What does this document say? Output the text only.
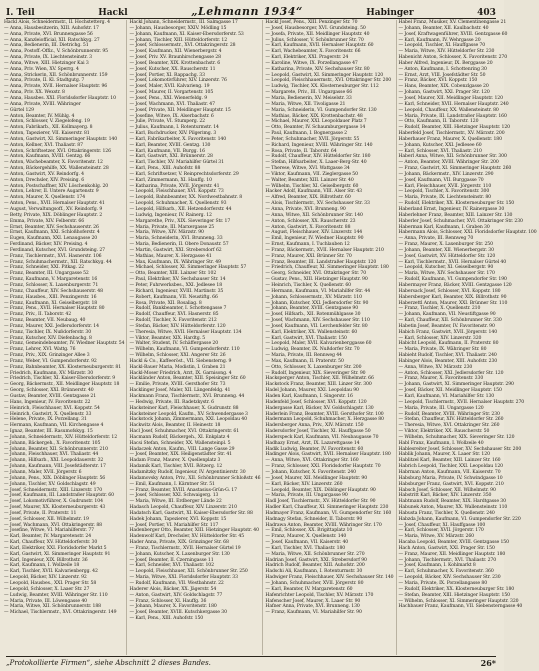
I. Teil	Hackl	„Lehmann 1934“	Habinger	403
Hackl Alois, Schneidermstr., II. Hochstetterg. 4
— Anna, Hausbesitzerin, XIII. Auhofstr. 17
— Anna, Private, XVI. Brunnengasse 56
— Anna, Kanzleiofficial, XII. Ratschkyg. 27
— Anna, Bedienerin, III. Dietrichg. 51
— Anna, Postoff.-Offiz., V. Schönbrunnerstr. 95
— Anna, Private, IX. Liechtensteinstr. 3
— Anna, Witwe, XIII. Hietzinger Kai 3
— Anna, Priv. Wien, XV. Sperrg. 4
— Anna, Strickerin, XII. Schönbrunnerstr. 159
— Anna, Private, II. Kl. Stadtgutg. 7
— Anna, Private, XVII. Hernalser Hauptstr. 96
— Anna, Priv. XX. Wexstr. 8
— Anna, Hausbes. XXI. Floridsdorfer Hauptstr. 10
— Anna, Private, XVIII. Währinger
— Gürtel 129
— Anton, Beamter, IV. Mühlg. 4
— Anton, Schlosser, V. Ziegelofeng. 19
— Anton, Fabrikarb., XII. Kollmayerg. 8
— Anton, Tapezierer, VII. Kaiserstr. 81
— Anton, Gastwirt, XI. Simmeringer Hauptstr. 140
— Anton, Kellner, XVI. Thaliastr. 87
— Anton, Schriftsetzer, XVI. Ottakringerstr. 126
— Anton, Kaufmann, XVIII. Gentzg. 66
— Anton, Wachebeamter, X. Favoritenstr. 12
— Anton, Bäckergehilfe, XX. Wallensteinstr. 28
— Anton, Gastwirt, XV. Reindorfg. 4
— Anton, Drechsler, XIV. Preising. 6
— Anton, Postschaffner, XIV. Löschenkohlg. 20
— Anton, Lehrer, II. Untere Augartenstr. 9
— Anton, Maurer, X. Quellenstr. 174
— Anton, Pens., XVII. Hernalser Hauptstr. 41
— August, Verwaltungsoff., XV. Reindorfg. 9
— Betty, Private, XIX. Döblinger Hauptstr. 2
— Emma, Private, XIV. Felberstr. 66
— Ernst, Beamter, XIV. Sechshauserstr. 26
— Ernst, Kaufmann, XXI. Schloßhoferstr. 4
— Eugen, Kaufmann, XXI. Lenaugasse 20
— Ferdinand, Bäcker, XIV. Preising. 4
— Ferdinand, Kutscher, XVI. Grundsteing. 27
— Franz, Tischlermstr., XVI. Hasnerstr. 106
— Franz, Schuhmachermstr., XII. Ratschkyg. 44
— Franz, Schneider, XXI. Pitkag. 22
— Franz, Beamter, III. Ungargasse 52
— Franz, Kaufmann, V. Margaretenstr. 16
— Franz, Schlosser, X. Laxenburgerstr. 71
— Franz, Chauffeur, XIV. Sechshauserstr. 48
— Franz, Hausbes., XIII. Penzingerstr. 16
— Franz, Kaufmann, XI. Geiselbergstr. 18
— Franz, Pens., XVII. Hernalser Hauptstr. 80
— Franz, Priv., II. Taborstr. 42
— Franz, Beamter, VII. Neubaug. 40
— Franz, Maurer, XXI. Jedlersdorferstr. 14
— Franz, Tischler, IX. Nußdorferstr. 30
— Franz, Kutscher, XIV. Diefenbachg. 8
— Franz, Gemeindebeamter, IV. Wiedner Hauptstr. 54
— Franz, Lehrer, XVI. Wattg. 76
— Franz, Priv., XIX. Grinzinger Allee 3
— Franz, Weber, VI. Gumpendorferstr. 92
— Franz, Bahnbeamter, XX. Klosterneuburgerstr. 81
— Friedrich, Kaufmann, XV. Märzstr. 30
— Friedrich, Tischler, XI. Kaiser-Ebersdorferstr. 9
— Georg, Bäckermstr., XII. Meidlinger Hauptstr. 18
— Georg, Schlosser, XXI. Brünnerstr. 40
— Gustav, Beamter, XVIII. Gentzgasse 21
— Hans, Ingenieur, IV. Favoritenstr. 22
— Heinrich, Fleischhauer, XVI. Koppstr. 54
— Heinrich, Gastwirt, X. Quellenstr. 33
— Helene, Private, IX. Porzellang. 31
— Hermann, Kaufmann, VII. Kirchengasse 4
— Ignaz, Beamter, III. Rasumofskyg. 15
— Johann, Schneidermstr., XIV. Hütteldorferstr. 12
— Johann, Bäckergeh., X. Favoritenstr. 105
— Johann, Beamter, XII. Schönbrunnerstr. 210
— Johann, Fleischhauer, XVI. Thaliastr. 44
— Johann, Hilfsarb., XXI. Leopoldauerstr. 32
— Johann, Kaufmann, VIII. Josefstädterstr. 17
— Johann, Maler, XVII. Jörgerstr. 6
— Johann, Pens., XIX. Döblinger Hauptstr. 56
— Johann, Tischler, XV. Goldschlagstr. 49
— Josef, Schneidermstr., XIII. Linzerstr. 170
— Josef, Kaufmann, III. Landstraßer Hauptstr. 60
— Josef, Lokomotivführer, X. Gudrunstr. 104
— Josef, Maurer, XX. Klosterneuburgerstr. 43
— Josef, Private, II. Praterstr. 11
— Josef, Schlosser, XII. Wilhelmstr. 19
— Josef, Wachmann, XVI. Ottakringerstr. 88
— Josefine, Witwe, VI. Mariahilferstr. 77
— Karl, Beamter, IV. Margaretenstr. 24
— Karl, Chauffeur, XV. Hütteldorferstr. 30
— Karl, Elektriker, XXI. Floridsdorfer Markt 5
— Karl, Gastwirt, XI. Simmeringer Hauptstr. 91
— Karl, Ingenieur, XIX. Billrothstr. 36
— Karl, Kaufmann, I. Wollzeile 18
— Karl, Tischler, XVII. Kalvarienbergg. 42
— Leopold, Bäcker, XIV. Linzerstr. 92
— Leopold, Hausbes., XXI. Prager Str. 58
— Leopold, Schlosser, X. Laaer Str. 27
— Ludwig, Beamter, XVIII. Währinger Str. 110
— Maria, Private, III. Löwengasse 40
— Maria, Witwe, XII. Schönbrunnerstr. 188
— Michael, Tischlermstr., XVI. Ottakringerstr. 149
Hackl Johann, Schneidermstr., III. Salmgasse 17
— Johann, Hausbesorger, XXIV. Mödling 15
— Johann, Kaufmann, XI. Kaiser-Ebersdorferstr. 53
— Johann, Tischler, XIII. Hütteldorferstr. 12
— Josef, Schlossermstr., XVI. Ottakringerstr. 28
— Josef, Kaufmann, XII. Wienerbergstr. 4
— Josef, Priv. XV. Braunhirschengasse 28
— Josef, Beamter, XIX. Krottenbachstr. 6
— Josef, Kutscher, XX. Rauscherstr. 11
— Josef, Portier, XI. Rappachg. 33
— Josef, Lokomotivführer, XIV. Linzerstr. 76
— Josef, Maler, XVII. Kalvarieng. 19
— Josef, Maurer, II. Vorgartenstr. 105
— Josef, Pens., XXI. Wienerfeldg. 9
— Josef, Wachmann, XVI. Thaliastr. 47
— Josef, Private, XII. Meidlinger Hauptstr. 15
— Josefine, Witwe, IX. Alserbachstr. 6
— Julie, Private, VI. Stumperg. 22
— Julius, Kaufmann, I. Rotenturmstr. 14
— Karl, Buchdrucker, XIV. Pilgerimg. 3
— Karl, Fabrikarbeiter, X. Favoritenstr. 140
— Karl, Beamter, XVIII. Gentzg. 130
— Karl, Kaufmann, VII. Burgg. 16
— Karl, Gastwirt, XXI. Brünnerstr. 28
— Karl, Tischler, XV. Mariahilfer Gürtel 31
— Karl, Pens., XIII. Auhofstr. 88
— Karl, Schriftsetzer, V. Reinprechtsdorferstr. 29
— Karl, Zimmermann, XI. Hauffg. 10
— Katharina, Private, XVII. Jörgerstr. 41
— Leopold, Fleischhauer, XVI. Koppstr. 73
— Leopold, Bahnbeamter, XX. Nordwestbahnstr. 8
— Leopold, Schuhmacher, X. Quellenstr. 93
— Leopold, Hilfsarb., XII. Hetzendorferstr. 44
— Ludwig, Ingenieur, IV. Rainerg. 12
— Margarethe, Priv., XIX. Sieveringer Str. 17
— Maria, Private, III. Marxergasse 25
— Maria, Witwe, XIV. Märzstr. 90
— Maria, Schneiderin, XVI. Brunneng. 33
— Maria, Bedienerin, II. Obere Donaustr. 57
— Martin, Gastwirt, XXI. Strebersdorf 62
— Mathias, Maurer, X. Herzgasse 41
— Max, Kaufmann, IX. Währinger Str. 49
— Michael, Schlosser, XI. Simmeringer Hauptstr. 57
— Otto, Beamter, XIII. Lainzer Str. 102
— Paul, Elektriker, XV. Sechshauser Str. 14
— Peter, Fuhrwerksbes., XXI. Jedlesee 18
— Richard, Ingenieur, XVIII. Martinstr. 35
— Robert, Kaufmann, VII. Neustiftg. 66
— Rosa, Private, XII. Rosaliag. 8
— Rudolf, Bankbeamter, I. Schottengasse 7
— Rudolf, Chauffeur, XVI. Hasnerstr. 85
— Rudolf, Tischler, X. Favoritenstr. 212
— Stefan, Bäcker, XIV. Hütteldorferstr. 120
— Theresia, Witwe, XVII. Hernalser Hauptstr. 134
— Viktor, Beamter, XIX. Hardtg. 5
— Walter, Student, IV. Schäffergasse 20
— Wilhelm, Kaufmann, VI. Gumpendorferstr. 110
— Wilhelm, Schlosser, XXI. Angerer Str. 26
Hackl & Co., Kaffeeröst., VII. Siebensterng. 9
Hackl-Bauer Maria, Modistin, I. Graben 21
Hackl-Moser Friedrich, Arzt, IX. Garnisong. 4
Hackländer Anton, Beamter, XIII. Speisinger Str. 60
— Emilie, Private, XVIII. Gersthofer Str. 73
Hacklinger Josef, Maler, XII. Längenfeldg. 41
Hackmann Franz, Tischlermstr., XVI. Brunneng. 44
— Hedwig, Private, III. Radetzkystr. 6
Hacksteiner Karl, Fleischhauer, X. Gudrunstr. 88
Hacksteiner Leopold, Kaufm., XV. Schwendergasse 3
Hackstock Johann, Zimmermann, XXI. Leopoldau 40
Hackwitz Alois, Beamter, II. Heinestr. 18
Hacl Josef, Schuhmacher, XVI. Ottakringerstr. 61
Hacmann Rudolf, Bäckergeh., XI. Enkplatz 4
Hacsi Stefan, Schneider, XX. Wallensteinpl. 5
Hadaczek Anton, Kaufm., VIII. Lange Gasse 29
— Josef, Beamter, XIX. Heiligenstädter Str. 41
Hadam Franz, Maurer, X. Quellenplatz 3
Hadamik Karl, Tischler, XVII. Rötzerg. 12
Hadamitzky Rudolf, Ingenieur, IV. Argentinierstr. 30
Hadamovsky Anton, Priv., XII. Schönbrunner Schloßstr. 46
— Emil, Kaufmann, I. Kärntner Str. 51
— Franz, Beamter, XVIII. Anastasius-Grün-G. 17
— Josef, Schlosser, XXI. Schwaigerg. 13
— Maria, Witwe, III. Erdberger Lände 22
Hadasch Leopold, Chauffeur, XIV. Linzerstr. 210
Hadatsch Karl, Gastwirt, XI. Kaiser-Ebersdorfer Str. 88
Hadek Johann, Tapezierer, XVI. Koppstr. 15
— Josef, Portier, VI. Mariahilfer Str. 117
Hadenberger Otto, Beamter, XIII. Hietzinger Hauptstr. 40
Hadenwolf Karl, Drechsler, XV. Hütteldorfer Str. 45
Hader Anna, Private, XIX. Grinzinger Str. 68
— Franz, Tischlermstr., XVII. Hernalser Gürtel 19
— Johann, Kutscher, X. Laxenburger Str. 130
— Josef, Beamter, II. Czerningasse 11
— Karl, Schneider, XVI. Thaliastr. 102
— Leopold, Fleischhauer, XII. Schönbrunner Str. 250
— Maria, Witwe, XXI. Floridsdorfer Hauptstr. 33
— Rudolf, Kaufmann, VII. Westbahnstr. 22
Haderer Alois, Bäcker, XX. Jägerstr. 54
— Anton, Gastwirt, XIV. Goldschlagstr. 77
— Franz, Schlosser, XI. Hauffg. 36
— Johann, Maurer, X. Favoritenstr. 180
— Josef, Beamter, XVIII. Kutschkergasse 30
— Karl, Pens., XIII. Auhofstr. 150
Hackl Josef, Pens., XIII. Penzinger Str. 70
— Josef, Hausbesorger, XVI. Grundsteing. 50
— Josefa, Private, XII. Meidlinger Hauptstr. 40
— Julius, Schlosser, V. Schönbrunner Str. 70
— Karl, Kaufmann, XVII. Hernalser Hauptstr. 60
— Karl, Wachebeamter, X. Favoritenstr. 66
— Karl, Elektriker, XXI. Pragerstr. 24
— Karoline, Witwe, IX. Porzellangasse 47
— Katharina, Private, XIV. Sechshauser Str. 80
— Leopold, Gastwirt, XI. Simmeringer Hauptstr. 120
— Leopold, Fleischhauermstr., XVI. Ottakringer Str. 200
— Ludwig, Tischler, XX. Klosterneuburger Str. 112
— Margarete, Priv., III. Ungargasse 66
— Maria, Bedienerin, XV. Meiselstr. 33
— Maria, Witwe, XII. Tivoligasse 21
— Maria, Schneiderin, VI. Gumpendorfer Str. 130
— Mathias, Bäcker, XIX. Krottenbachstr. 48
— Michael, Maurer, XXI. Leopoldauer Platz 7
— Otto, Beamter, IV. Schaumburgergasse 14
— Paul, Kaufmann, I. Bognergasse 2
— Peter, Schuhmacher, XVII. Jörgerstr. 55
— Richard, Ingenieur, XVIII. Währinger Str. 140
— Rosa, Private, II. Taborstr. 64
— Rudolf, Chauffeur, XIV. Hütteldorfer Str. 180
— Stefan, Hilfsarbeiter, X. Laaer-Berg-Str. 40
— Therese, Witwe, XVI. Wattgasse 34
— Viktor, Kaufmann, VII. Zieglergasse 50
— Walter, Beamter, XIII. Lainzer Str. 40
— Wilhelm, Tischler, XI. Geiselbergstr. 60
Hacker Adolf, Kaufmann, VIII. Alser Str. 43
— Alfred, Beamter, XIX. Billrothstr. 60
— Alois, Tischlermstr., XV. Sechshauser Str. 33
— Anna, Private, XVI. Brunneng. 90
— Anna, Witwe, XII. Schönbrunner Str. 140
— Anton, Schlosser, XX. Rauscherstr. 23
— Anton, Gastwirt, X. Favoritenstr. 88
— August, Fleischhauer, XIV. Linzerstr. 144
— Emil, Ingenieur, IV. Wiedner Hauptstr. 90
— Ernst, Kaufmann, I. Tuchlauben 12
— Franz, Bäckermstr., XVII. Hernalser Hauptstr. 210
— Franz, Maurer, XXI. Brünner Str. 70
— Franz, Beamter, III. Landstraßer Hauptstr. 120
— Friedrich, Chauffeur, XI. Simmeringer Hauptstr. 180
— Georg, Schneider, XVI. Ottakringer Str. 70
— Gustav, Pens., XIII. Hietzinger Hauptstr. 90
— Heinrich, Tischler, X. Quellenstr. 60
— Hermann, Kaufmann, VI. Mariahilfer Str. 44
— Johann, Schlossermstr., XV. Märzstr. 110
— Johann, Kutscher, XXI. Jedlersdorfer Str. 90
— Johann, Beamter, XVIII. Gentzgasse 90
— Josef, Hilfsarb., XII. Rotenmühlgasse 30
— Josef, Wachmann, XIV. Sechshauser Str. 110
— Josef, Kaufmann, VII. Lerchenfelder Str. 80
— Karl, Elektriker, XX. Wallensteinstr. 60
— Karl, Gastwirt, XVI. Thaliastr. 150
— Leopold, Maler, XVII. Kalvarienberggasse 60
— Ludwig, Beamter, IX. Nußdorfer Str. 70
— Maria, Private, III. Rennweg 44
— Max, Kaufmann, II. Praterstr. 50
— Otto, Schlosser, X. Laxenburger Str. 200
— Rudolf, Ingenieur, XIX. Sieveringer Str. 90
Hacksperger Anton, Tischler, XII. Wilhelmstr. 66
Hackstock Franz, Beamter, XIII. Linzer Str. 300
Hadel Johann, Maurer, XXI. Leopoldau 90
Haden Karl, Kaufmann, I. Singerstr. 16
Hadenfeld Josef, Schlosser, XVI. Koppstr. 120
Hadergasse Karl, Bäcker, XV. Goldschlagstr. 130
Haderlein Franz, Beamter, XVIII. Gersthofer Str. 100
Hadermann Leopold, Schuhmacher, X. Herzgasse 80
Hadersberger Anna, Priv., XIV. Märzstr. 150
Hadersdorfer Josef, Tischler, XI. Hauffgasse 50
Haderspeck Karl, Kaufmann, VII. Neubaugasse 70
Hadhazy Ernst, Arzt, IX. Lazarettgasse 14
Hadik Ludwig, Beamter, IV. Favoritenstr. 60
Hadinger Alois, Gastwirt, XVII. Hernalser Hauptstr. 180
— Anna, Witwe, XVI. Ottakringer Str. 160
— Franz, Schlosser, XXI. Floridsdorfer Hauptstr. 70
— Johann, Kutscher, X. Favoritenstr. 240
— Josef, Maurer, XII. Meidlinger Hauptstr. 90
— Karl, Bäcker, XIV. Linzerstr. 260
— Leopold, Beamter, XIX. Döblinger Hauptstr. 90
— Maria, Private, III. Ungargasse 90
Hadl Josef, Tischlermstr., XV. Hütteldorfer Str. 90
Hadler Karl, Chauffeur, XI. Simmeringer Hauptstr. 230
Hadmayer Franz, Kaufmann, VI. Gumpendorfer Str. 160
Hadnagy Stefan, Schneider, II. Taborstr. 90
Hadrawa Anton, Beamter, XVIII. Währinger Str. 170
— Emil, Schlosser, XX. Brigittaplatz 10
— Franz, Maurer, X. Quellenstr. 140
— Josef, Kaufmann, VII. Kaiserstr. 40
— Karl, Tischler, XVI. Thaliastr. 180
— Maria, Witwe, XII. Schönbrunner Str. 270
Hadrian Josef, Gastwirt, XXI. Strebersdorf 90
Hadrich Rudolf, Beamter, XIII. Auhofstr. 200
Hadschi Ali, Kaufmann, I. Rotenturmstr. 30
Hadwiger Franz, Fleischhauer, XIV. Sechshauser Str. 140
— Johann, Schuhmacher, XVII. Jörgerstr. 80
— Karl, Beamter, IV. Margaretenstr. 60
Hafenrichter Leopold, Tischler, XV. Märzstr. 170
Hafenscher Josef, Maurer, X. Laaer Str. 90
Hafner Anna, Private, XVI. Brunneng. 130
— Franz, Kaufmann, VI. Mariahilfer Str. 90
Habel Franz, Musiker, XV. Clementinengasse 21
— Johann, Beamter, XII. Kaulbachstr. 40
— Josef, Kraftwagenführer, XVIII. Gentzgasse 60
— Karl, Kaufmann, IV. Wehrgasse 20
— Leopold, Tischler, XI. Hauffgasse 70
— Maria, Witwe, XIV. Hütteldorfer Str. 230
Habenicht Anton, Schlosser, X. Favoritenstr. 270
Haber Alfred, Ingenieur, IX. Berggasse 20
— Anton, Kaufmann, I. Schottenring 30
— Ernst, Arzt, VIII. Josefstädter Str. 50
— Franz, Bäcker, XVI. Koppstr. 150
— Hans, Beamter, XIX. Cobenzlgasse 20
— Johann, Gastwirt, XXI. Prager Str. 120
— Josef, Maurer, XII. Meidlinger Hauptstr. 120
— Karl, Schneider, XVII. Hernalser Hauptstr. 240
— Leopold, Chauffeur, XX. Wallensteinstr. 80
— Maria, Private, III. Landstraßer Hauptstr. 160
— Otto, Kaufmann, II. Taborstr. 120
— Rudolf, Beamter, XIII. Hietzinger Hauptstr. 120
Haberfeld Josef, Tischlermstr., XV. Märzstr. 200
Haberhauer Franz, Maurer, X. Quellenstr. 180
— Johann, Kutscher, XXI. Jedlesee 60
— Karl, Schlosser, XVI. Thaliastr. 210
Haberl Anna, Witwe, XII. Schönbrunner Str. 300
— Anton, Beamter, XVIII. Währinger Str. 200
— Franz, Gastwirt, XI. Simmeringer Hauptstr. 260
— Johann, Bäckermstr., XIV. Linzerstr. 290
— Josef, Kaufmann, VII. Burggasse 70
— Karl, Fleischhauer, XVII. Jörgerstr. 110
— Leopold, Tischler, X. Favoritenstr. 300
— Maria, Private, IX. Liechtensteinstr. 80
— Rudolf, Elektriker, XX. Klosterneuburger Str. 150
Haberland Ernst, Ingenieur, IV. Rainergasse 30
Haberlehner Franz, Beamter, XIII. Lainzer Str. 130
Haberler Josef, Schuhmacher, XVI. Ottakringer Str. 230
Haberman Karl, Kaufmann, I. Graben 30
Habermann Alois, Schlosser, XXI. Floridsdorfer Hauptstr. 100
— Anna, Private, III. Rennweg 70
— Franz, Maurer, X. Laxenburger Str. 250
— Johann, Beamter, XII. Wienerbergstr. 30
— Josef, Gastwirt, XV. Hütteldorfer Str. 120
— Karl, Tischlermstr., XVII. Hernalser Gürtel 40
— Leopold, Kutscher, XI. Geiselbergstr. 90
— Maria, Witwe, XIV. Sechshauser Str. 170
— Rudolf, Kaufmann, VI. Gumpendorfer Str. 190
Habermayer Franz, Bäcker, XVIII. Gentzgasse 120
Habersack Josef, Schlosser, XVI. Koppstr. 180
Habersberger Karl, Beamter, XIX. Billrothstr. 90
Haberzettl Anton, Maurer, XXI. Brünner Str. 110
— Franz, Tischler, X. Quellenstr. 210
— Johann, Kaufmann, VII. Neustiftgasse 90
— Karl, Chauffeur, XII. Schönbrunner Str. 330
Habetin Josef, Beamter, IV. Favoritenstr. 90
Habich Franz, Gastwirt, XVII. Jörgerstr. 140
— Karl, Schlosser, XIV. Linzerstr. 320
Habicht Leopold, Kaufmann, II. Praterstr. 80
— Maria, Private, IX. Währinger Str. 80
Habieht Rudolf, Tischler, XVI. Thaliastr. 240
Habinger Alois, Beamter, XIII. Auhofstr. 230
— Anna, Witwe, XV. Märzstr. 230
— Anton, Schlosser, XXI. Jedlersdorfer Str. 120
— Franz, Maurer, X. Favoritenstr. 330
— Johann, Gastwirt, XI. Simmeringer Hauptstr. 290
— Josef, Bäcker, XII. Meidlinger Hauptstr. 150
— Karl, Kaufmann, VI. Mariahilfer Str. 130
— Leopold, Tischlermstr., XVII. Hernalser Hauptstr. 270
— Maria, Private, III. Ungargasse 120
— Rudolf, Beamter, XVIII. Währinger Str. 230
— Stefan, Chauffeur, XIV. Hütteldorfer Str. 260
— Theresia, Witwe, XVI. Ottakringer Str. 260
— Viktor, Elektriker, XX. Rauscherstr. 50
— Wilhelm, Schuhmacher, XIX. Sieveringer Str. 120
Habl Franz, Kaufmann, I. Wollzeile 40
Hablesreiter Josef, Schlosser, XV. Sechshauser Str. 200
Hablik Johann, Maurer, X. Laaer Str. 120
Hablitzel Karl, Beamter, XIII. Lainzer Str. 160
Habrich Leopold, Tischler, XXI. Leopoldau 120
Habrman Anton, Kaufmann, VII. Kaiserstr. 70
Habsburg Maria, Private, IV. Schwindgasse 10
Habsburger Franz, Gastwirt, XVI. Koppstr. 210
Habsch Josef, Schlosser, XII. Wilhelmstr. 90
Habstritt Karl, Bäcker, XIV. Linzerstr. 350
Habtmann Rudolf, Beamter, XIX. Hardtgasse 30
Habunek Anton, Maurer, XX. Wallensteinstr. 110
Habusta Franz, Tischler, X. Quellenstr. 240
Habzda Johann, Kaufmann, VI. Gumpendorfer Str. 220
— Josef, Chauffeur, XI. Hauffgasse 100
— Karl, Schlosser, XVII. Jörgerstr. 170
— Maria, Witwe, XV. Märzstr. 260
Hacaba Leopold, Beamter, XVIII. Gentzgasse 150
Hach Anton, Gastwirt, XXI. Prager Str. 150
— Franz, Maurer, XII. Meidlinger Hauptstr. 180
— Johann, Tischlermstr., XVI. Thaliastr. 270
— Josef, Kaufmann, I. Kohlmarkt 8
— Karl, Schuhmacher, X. Favoritenstr. 360
— Leopold, Bäcker, XIV. Sechshauser Str. 230
— Maria, Private, IX. Porzellangasse 80
— Rudolf, Elektriker, XX. Klosterneuburger Str. 180
— Stefan, Beamter, XIII. Hietzinger Hauptstr. 150
— Wilhelm, Schlosser, XI. Simmeringer Hauptstr. 320
Hachbauer Franz, Kaufmann, VII. Siebensterngasse 40
„Protokollierte Firmen“, siehe Abschnitt 2 dieses Bandes.	26*
